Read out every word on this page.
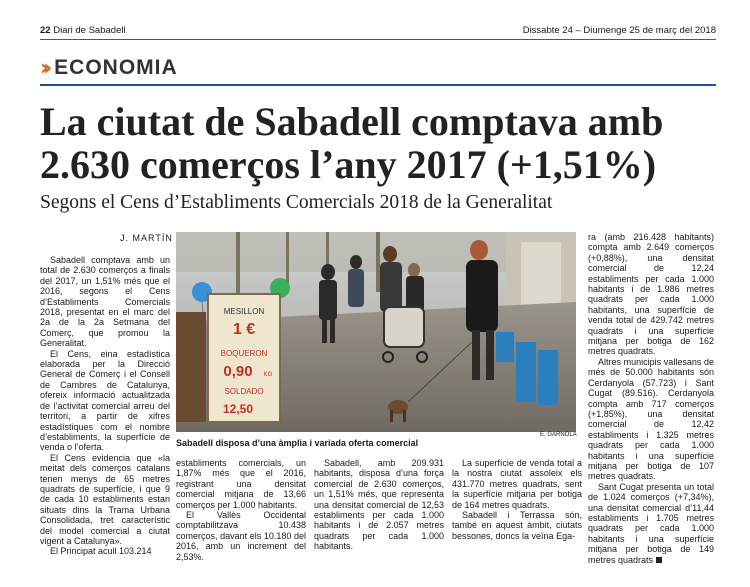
22 Diari de Sabadell	Dissabte 24 – Diumenge 25 de març del 2018
›› ECONOMIA
La ciutat de Sabadell comptava amb
2.630 comerços l’any 2017 (+1,51%)
Segons el Cens d’Establiments Comercials 2018 de la Generalitat
J. MARTÍN

Sabadell comptava amb un total de 2.630 comerços a finals del 2017, un 1,51% més que el 2016, segons el Cens d’Establiments Comercials 2018, presentat en el marc del 2a de la 2a Setmana del Comerç, que promou la Generalitat.

El Cens, eina estadística elaborada per la Direcció General de Comerç i el Consell de Cambres de Catalunya, ofereix informació actualitzada de l’activitat comercial arreu del territori, a partir de xifres estadístiques com el nombre d’establiments, la superfície de venda o l’oferta.

El Cens evidencia que «la meitat dels comerços catalans tenen menys de 65 metres quadrats de superfície, i que 9 de cada 10 establiments estan situats dins la Trama Urbana Consolidada, tret característic del model comercial a ciutat vigent a Catalunya».

El Principat acull 103.214

MESILLON
1 €
BOQUERON
0,90 KG
SOLDADO
12,50
E. GARNOLA
Sabadell disposa d’una àmplia i variada oferta comercial

establiments comercials, un 1,87% més que el 2016, registrant una densitat comercial mitjana de 13,66 comerços per 1.000 habitants.

El Vallès Occidental comptabilitzava 10.438 comerços, davant els 10.180 del 2016, amb un increment del 2,53%.

Sabadell, amb 209.931 habitants, disposa d’una força comercial de 2.630 comerços, un 1,51% més, que representa una densitat comercial de 12,53 establiments per cada 1.000 habitants i de 2.057 metres quadrats per cada 1.000 habitants.

La superfície de venda total a la nostra ciutat assoleix els 431.770 metres quadrats, sent la superfície mitjana per botiga de 164 metres quadrats.

Sabadell i Terrassa són, també en aquest àmbit, ciutats bessones, doncs la veïna Ega-

ra (amb 216.428 habitants) compta amb 2.649 comerços (+0,88%), una densitat comercial de 12,24 establiments per cada 1.000 habitants i de 1.986 metres quadrats per cada 1.000 habitants, una superfície de venda total de 429.742 metres quadrats i una superfície mitjana per botiga de 162 metres quadrats.

Altres municipis vallesans de més de 50.000 habitants són Cerdanyola (57.723) i Sant Cugat (89.516). Cerdanyola compta amb 717 comerços (+1,85%), una densitat comercial de 12,42 establiments i 1.325 metres quadrats per cada 1.000 habitants i una superfície mitjana per botiga de 107 metres quadrats.

Sant Cugat presenta un total de 1.024 comerços (+7,34%), una densitat comercial d’11,44 establiments i 1.705 metres quadrats per cada 1.000 habitants i una superfície mitjana per botiga de 149 metres quadrats
